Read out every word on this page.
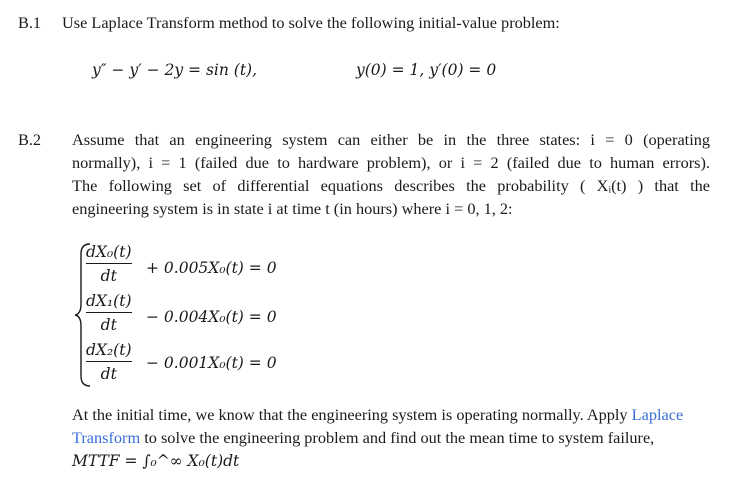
B.1 Use Laplace Transform method to solve the following initial-value problem:
y″ − y′ − 2y = sin (t),	y(0) = 1, y′(0) = 0
B.2 Assume that an engineering system can either be in the three states: i = 0 (operating
normally), i = 1 (failed due to hardware problem), or i = 2 (failed due to human errors).
The following set of differential equations describes the probability ( Xᵢ(t) ) that the
engineering system is in state i at time t (in hours) where i = 0, 1, 2:
dX₀(t)
dt + 0.005X₀(t) = 0
dX₁(t)
dt − 0.004X₀(t) = 0
dX₂(t)
dt
− 0.001X₀(t) = 0
At the initial time, we know that the engineering system is operating normally. Apply Laplace
Transform to solve the engineering problem and find out the mean time to system failure,
MTTF = ∫₀^∞ X₀(t)dt
